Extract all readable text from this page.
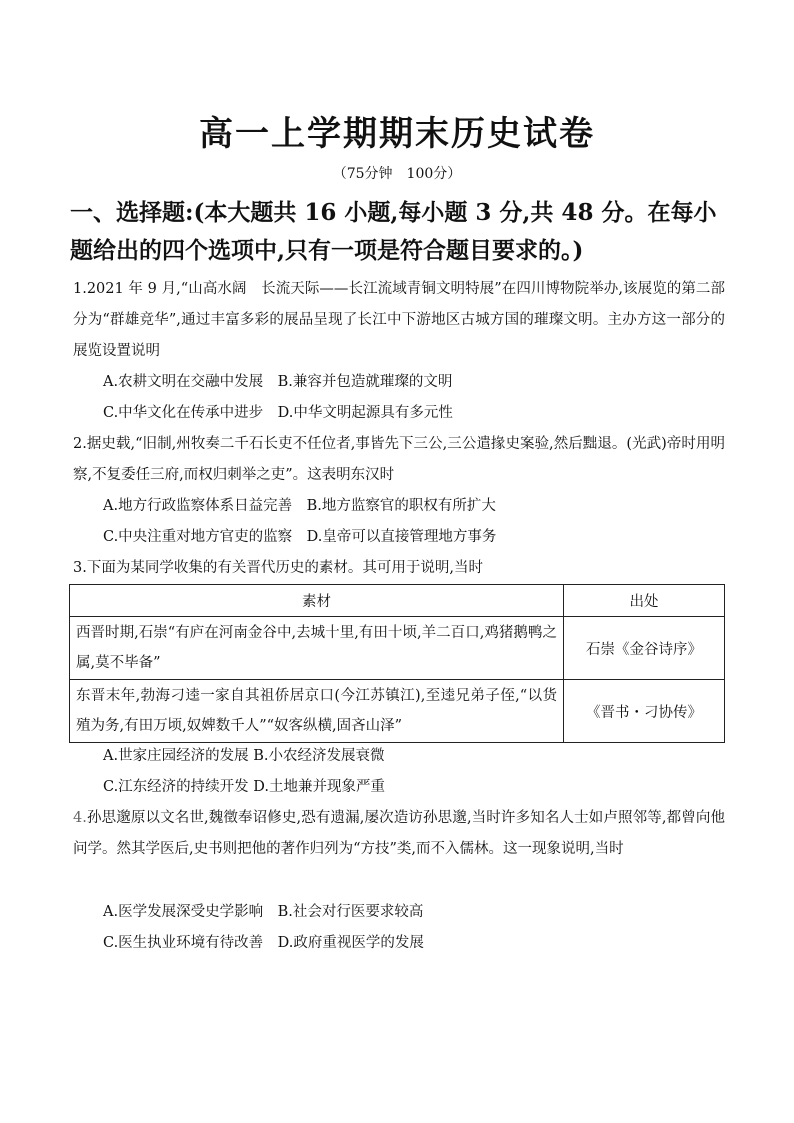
高一上学期期末历史试卷
（75分钟　100分）
一、选择题:(本大题共 16 小题,每小题 3 分,共 48 分。在每小题给出的四个选项中,只有一项是符合题目要求的。)
1.2021 年 9 月,“山高水阔　长流天际——长江流域青铜文明特展”在四川博物院举办,该展览的第二部分为“群雄竞华”,通过丰富多彩的展品呈现了长江中下游地区古城方国的璀璨文明。主办方这一部分的展览设置说明
A.农耕文明在交融中发展　B.兼容并包造就璀璨的文明
C.中华文化在传承中进步　D.中华文明起源具有多元性
2.据史载,“旧制,州牧奏二千石长吏不任位者,事皆先下三公,三公遣掾史案验,然后黜退。(光武)帝时用明察,不复委任三府,而权归刺举之吏”。这表明东汉时
A.地方行政监察体系日益完善　B.地方监察官的职权有所扩大
C.中央注重对地方官吏的监察　D.皇帝可以直接管理地方事务
3.下面为某同学收集的有关晋代历史的素材。其可用于说明,当时
素材	出处
西晋时期,石崇“有庐在河南金谷中,去城十里,有田十顷,羊二百口,鸡猪鹅鸭之属,莫不毕备”	石崇《金谷诗序》
东晋末年,勃海刁逵一家自其祖侨居京口(今江苏镇江),至逵兄弟子侄,“以货殖为务,有田万顷,奴婢数千人”“奴客纵横,固吝山泽”	《晋书・刁协传》
A.世家庄园经济的发展 B.小农经济发展衰微
C.江东经济的持续开发 D.土地兼并现象严重
4.孙思邈原以文名世,魏徵奉诏修史,恐有遗漏,屡次造访孙思邈,当时许多知名人士如卢照邻等,都曾向他问学。然其学医后,史书则把他的著作归列为“方技”类,而不入儒林。这一现象说明,当时
A.医学发展深受史学影响　B.社会对行医要求较高
C.医生执业环境有待改善　D.政府重视医学的发展
